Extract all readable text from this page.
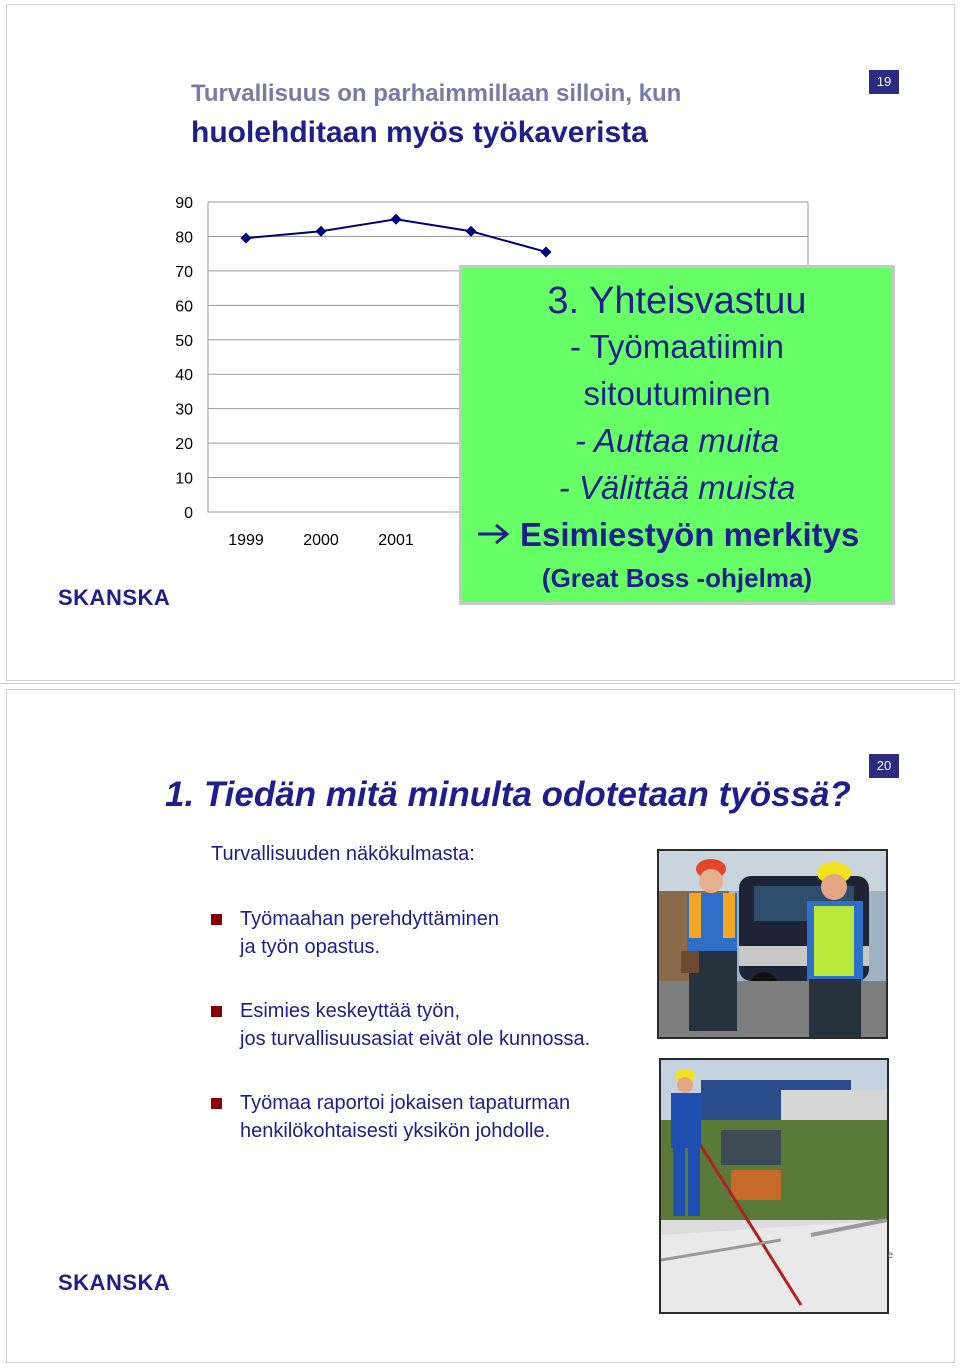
19
Turvallisuus on parhaimmillaan silloin, kun
huolehditaan myös työkaverista
0
10
20
30
40
50
60
70
80
90
1999 2000 2001
3. Yhteisvastuu
- Työmaatiimin
sitoutuminen
- Auttaa muita
- Välittää muista
Esimiestyön merkitys
(Great Boss -ohjelma)
SKANSKA
20
1. Tiedän mitä minulta odotetaan työssä?
Turvallisuuden näkökulmasta:
Työmaahan perehdyttäminen
ja työn opastus.
Esimies keskeyttää työn,
jos turvallisuusasiat eivät ole kunnossa.
Työmaa raportoi jokaisen tapaturman
henkilökohtaisesti yksikön johdolle.
e
SKANSKA
